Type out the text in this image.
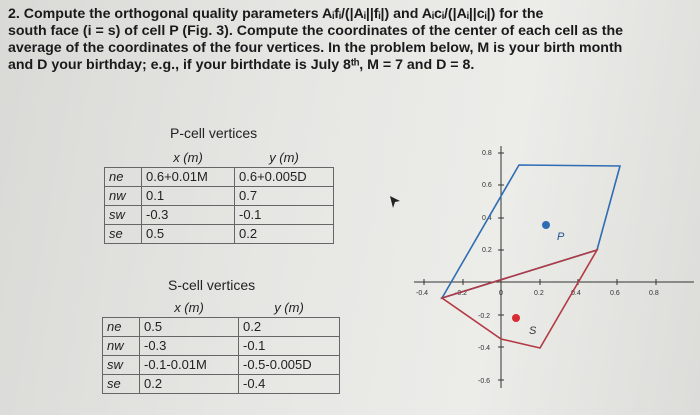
2. Compute the orthogonal quality parameters Aᵢfᵢ/(|Aᵢ||fᵢ|) and Aᵢcᵢ/(|Aᵢ||cᵢ|) for the
south face (i = s) of cell P (Fig. 3). Compute the coordinates of the center of each cell as the
average of the coordinates of the four vertices. In the problem below, M is your birth month
and D your birthday; e.g., if your birthdate is July 8ᵗʰ, M = 7 and D = 8.
P-cell vertices
	x (m)	y (m)
ne	0.6+0.01M	0.6+0.005D
nw	0.1	0.7
sw	-0.3	-0.1
se	0.5	0.2
S-cell vertices
	x (m)	y (m)
ne	0.5	0.2
nw	-0.3	-0.1
sw	-0.1-0.01M	-0.5-0.005D
se	0.2	-0.4
-0.4	-0.2	0	0.2	0.4	0.6	0.8
0.8
0.6
0.4
0.2
-0.2
-0.4
-0.6
P
S
